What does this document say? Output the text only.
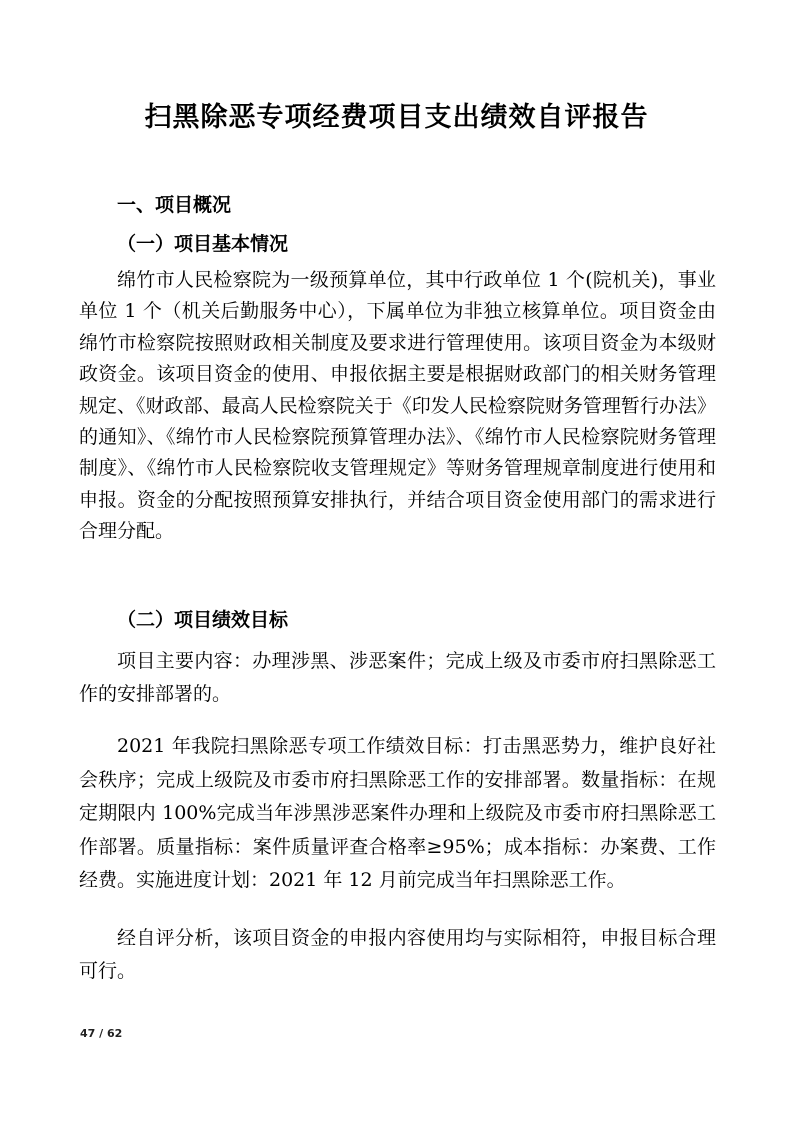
扫黑除恶专项经费项目支出绩效自评报告
一、项目概况
（一）项目基本情况
绵竹市人民检察院为一级预算单位，其中行政单位 1 个(院机关)，事业单位 1 个（机关后勤服务中心），下属单位为非独立核算单位。项目资金由绵竹市检察院按照财政相关制度及要求进行管理使用。该项目资金为本级财政资金。该项目资金的使用、申报依据主要是根据财政部门的相关财务管理规定、《财政部、最高人民检察院关于《印发人民检察院财务管理暂行办法》的通知》、《绵竹市人民检察院预算管理办法》、《绵竹市人民检察院财务管理制度》、《绵竹市人民检察院收支管理规定》等财务管理规章制度进行使用和申报。资金的分配按照预算安排执行，并结合项目资金使用部门的需求进行合理分配。
（二）项目绩效目标
项目主要内容：办理涉黑、涉恶案件；完成上级及市委市府扫黑除恶工作的安排部署的。
2021 年我院扫黑除恶专项工作绩效目标：打击黑恶势力，维护良好社会秩序；完成上级院及市委市府扫黑除恶工作的安排部署。数量指标：在规定期限内 100%完成当年涉黑涉恶案件办理和上级院及市委市府扫黑除恶工作部署。质量指标：案件质量评查合格率≥95%；成本指标：办案费、工作经费。实施进度计划：2021 年 12 月前完成当年扫黑除恶工作。
经自评分析，该项目资金的申报内容使用均与实际相符，申报目标合理可行。
47 / 62
